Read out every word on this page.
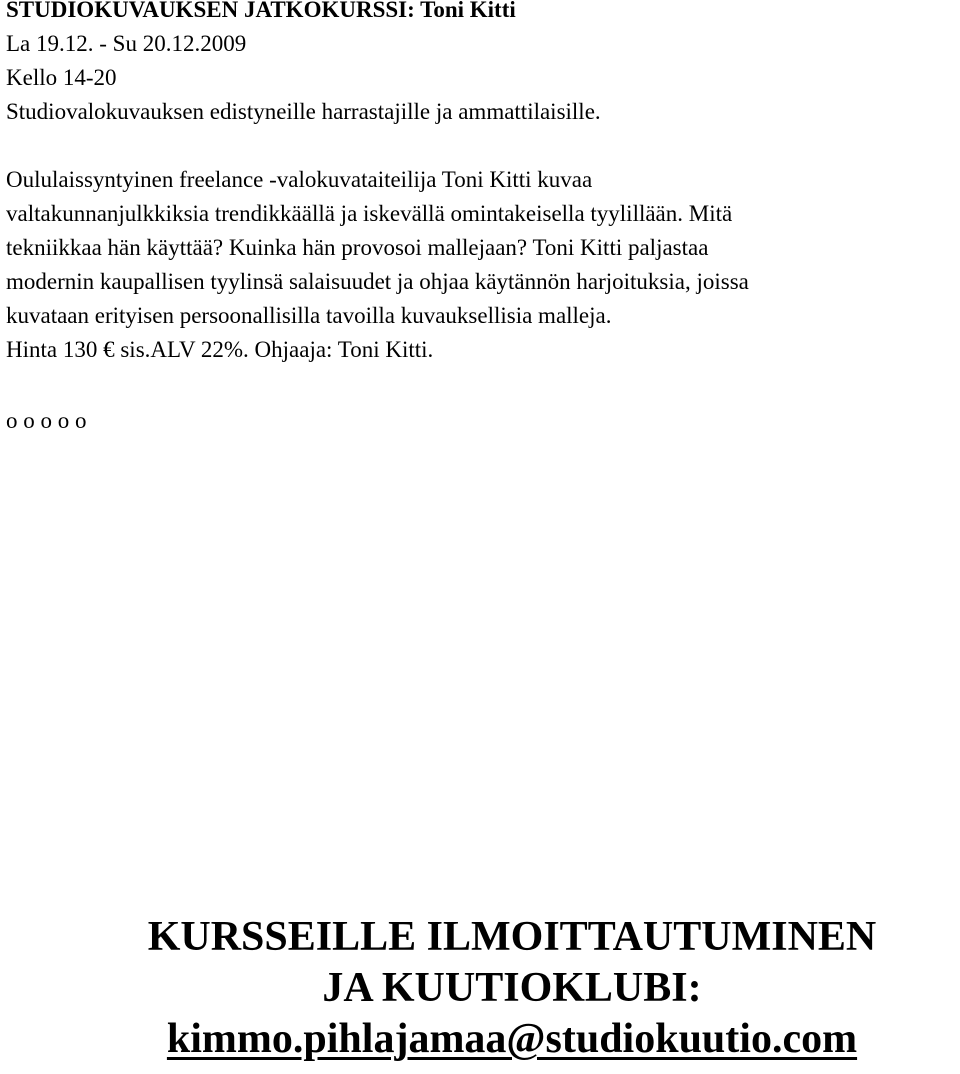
STUDIOKUVAUKSEN JATKOKURSSI: Toni Kitti
La 19.12. - Su 20.12.2009
Kello 14-20
Studiovalokuvauksen edistyneille harrastajille ja ammattilaisille.
Oululaissyntyinen freelance -valokuvataiteilija Toni Kitti kuvaa
valtakunnanjulkkiksia trendikkäällä ja iskevällä omintakeisella tyylillään. Mitä
tekniikkaa hän käyttää? Kuinka hän provosoi mallejaan? Toni Kitti paljastaa
modernin kaupallisen tyylinsä salaisuudet ja ohjaa käytännön harjoituksia, joissa
kuvataan erityisen persoonallisilla tavoilla kuvauksellisia malleja.
Hinta 130 € sis.ALV 22%. Ohjaaja: Toni Kitti.
o o o o o
KURSSEILLE ILMOITTAUTUMINEN
JA KUUTIOKLUBI:
kimmo.pihlajamaa@studiokuutio.com
